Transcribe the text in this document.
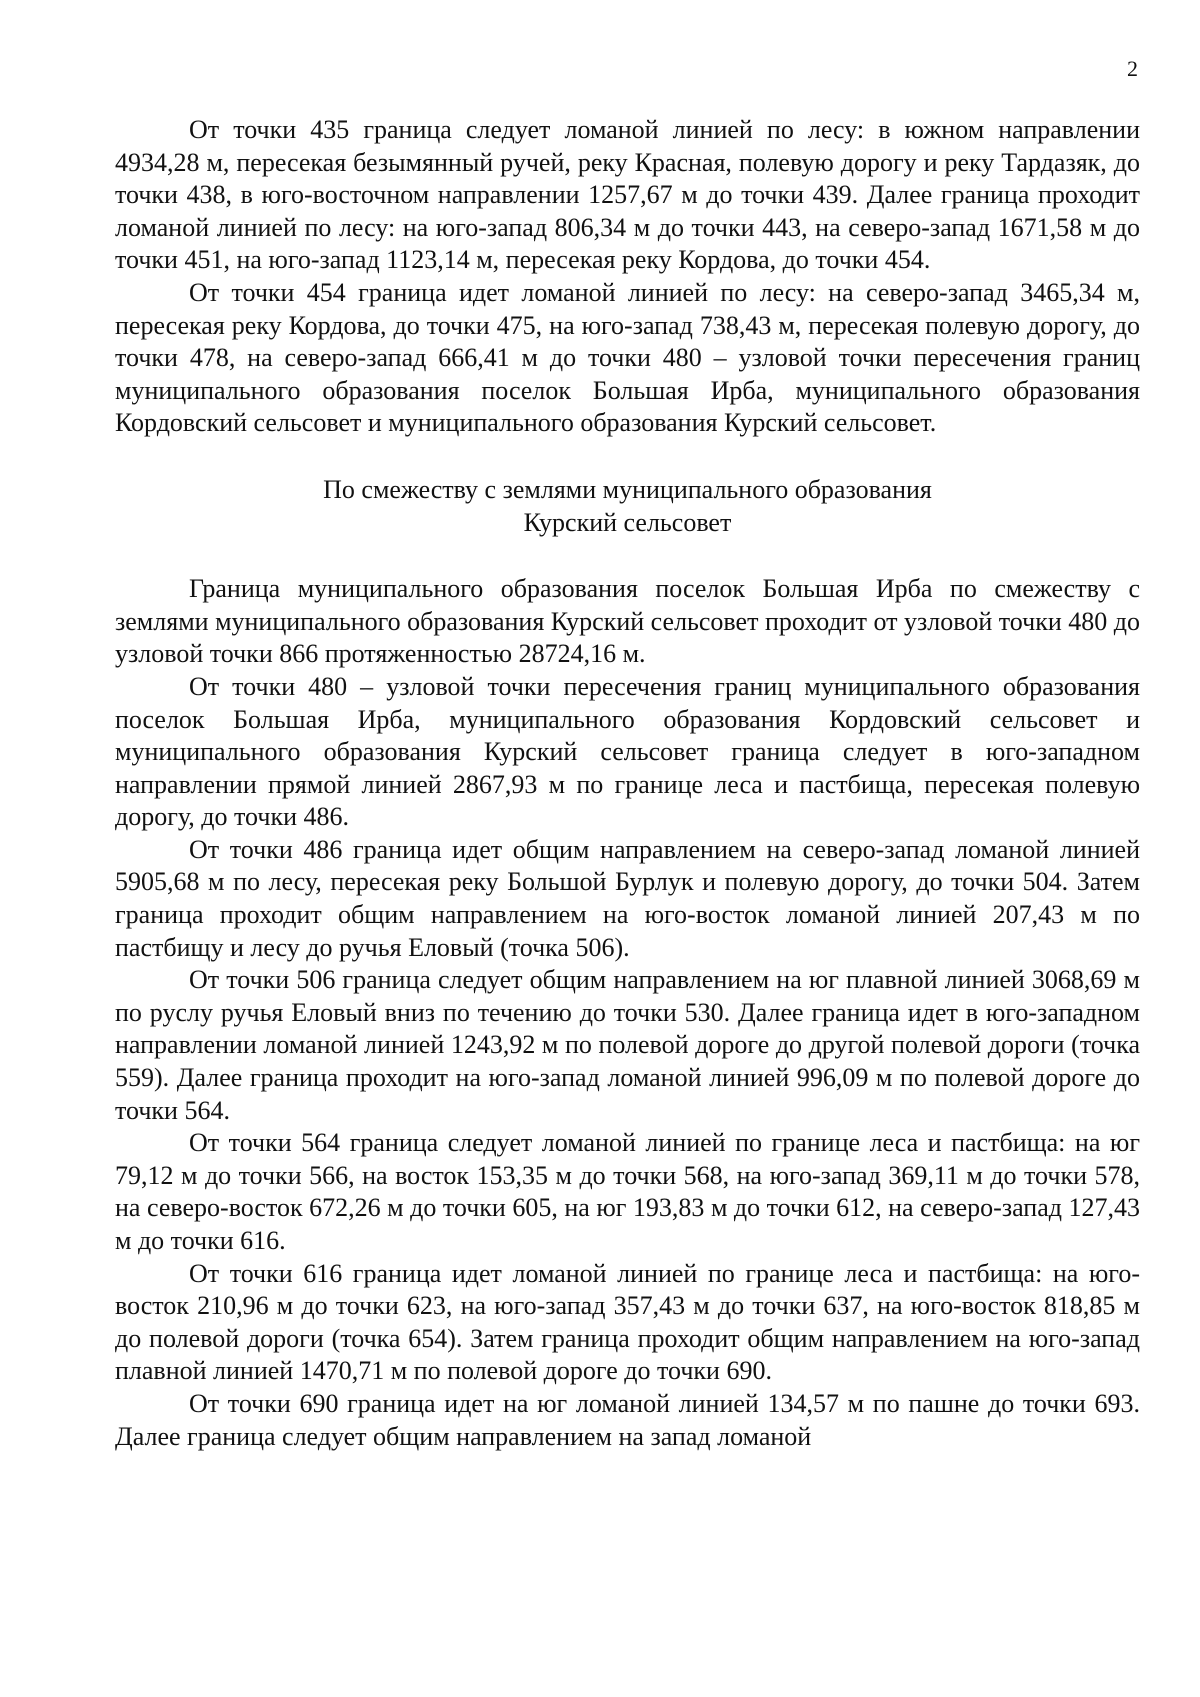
2

От точки 435 граница следует ломаной линией по лесу: в южном направлении 4934,28 м, пересекая безымянный ручей, реку Красная, полевую дорогу и реку Тардазяк, до точки 438, в юго-восточном направлении 1257,67 м до точки 439. Далее граница проходит ломаной линией по лесу: на юго-запад 806,34 м до точки 443, на северо-запад 1671,58 м до точки 451, на юго-запад 1123,14 м, пересекая реку Кордова, до точки 454.

От точки 454 граница идет ломаной линией по лесу: на северо-запад 3465,34 м, пересекая реку Кордова, до точки 475, на юго-запад 738,43 м, пересекая полевую дорогу, до точки 478, на северо-запад 666,41 м до точки 480 – узловой точки пересечения границ муниципального образования поселок Большая Ирба, муниципального образования Кордовский сельсовет и муниципального образования Курский сельсовет.

По смежеству с землями муниципального образования
Курский сельсовет

Граница муниципального образования поселок Большая Ирба по смежеству с землями муниципального образования Курский сельсовет проходит от узловой точки 480 до узловой точки 866 протяженностью 28724,16 м.

От точки 480 – узловой точки пересечения границ муниципального образования поселок Большая Ирба, муниципального образования Кордовский сельсовет и муниципального образования Курский сельсовет граница следует в юго-западном направлении прямой линией 2867,93 м по границе леса и пастбища, пересекая полевую дорогу, до точки 486.

От точки 486 граница идет общим направлением на северо-запад ломаной линией 5905,68 м по лесу, пересекая реку Большой Бурлук и полевую дорогу, до точки 504. Затем граница проходит общим направлением на юго-восток ломаной линией 207,43 м по пастбищу и лесу до ручья Еловый (точка 506).

От точки 506 граница следует общим направлением на юг плавной линией 3068,69 м по руслу ручья Еловый вниз по течению до точки 530. Далее граница идет в юго-западном направлении ломаной линией 1243,92 м по полевой дороге до другой полевой дороги (точка 559). Далее граница проходит на юго-запад ломаной линией 996,09 м по полевой дороге до точки 564.

От точки 564 граница следует ломаной линией по границе леса и пастбища: на юг 79,12 м до точки 566, на восток 153,35 м до точки 568, на юго-запад 369,11 м до точки 578, на северо-восток 672,26 м до точки 605, на юг 193,83 м до точки 612, на северо-запад 127,43 м до точки 616.

От точки 616 граница идет ломаной линией по границе леса и пастбища: на юго-восток 210,96 м до точки 623, на юго-запад 357,43 м до точки 637, на юго-восток 818,85 м до полевой дороги (точка 654). Затем граница проходит общим направлением на юго-запад плавной линией 1470,71 м по полевой дороге до точки 690.

От точки 690 граница идет на юг ломаной линией 134,57 м по пашне до точки 693. Далее граница следует общим направлением на запад ломаной
